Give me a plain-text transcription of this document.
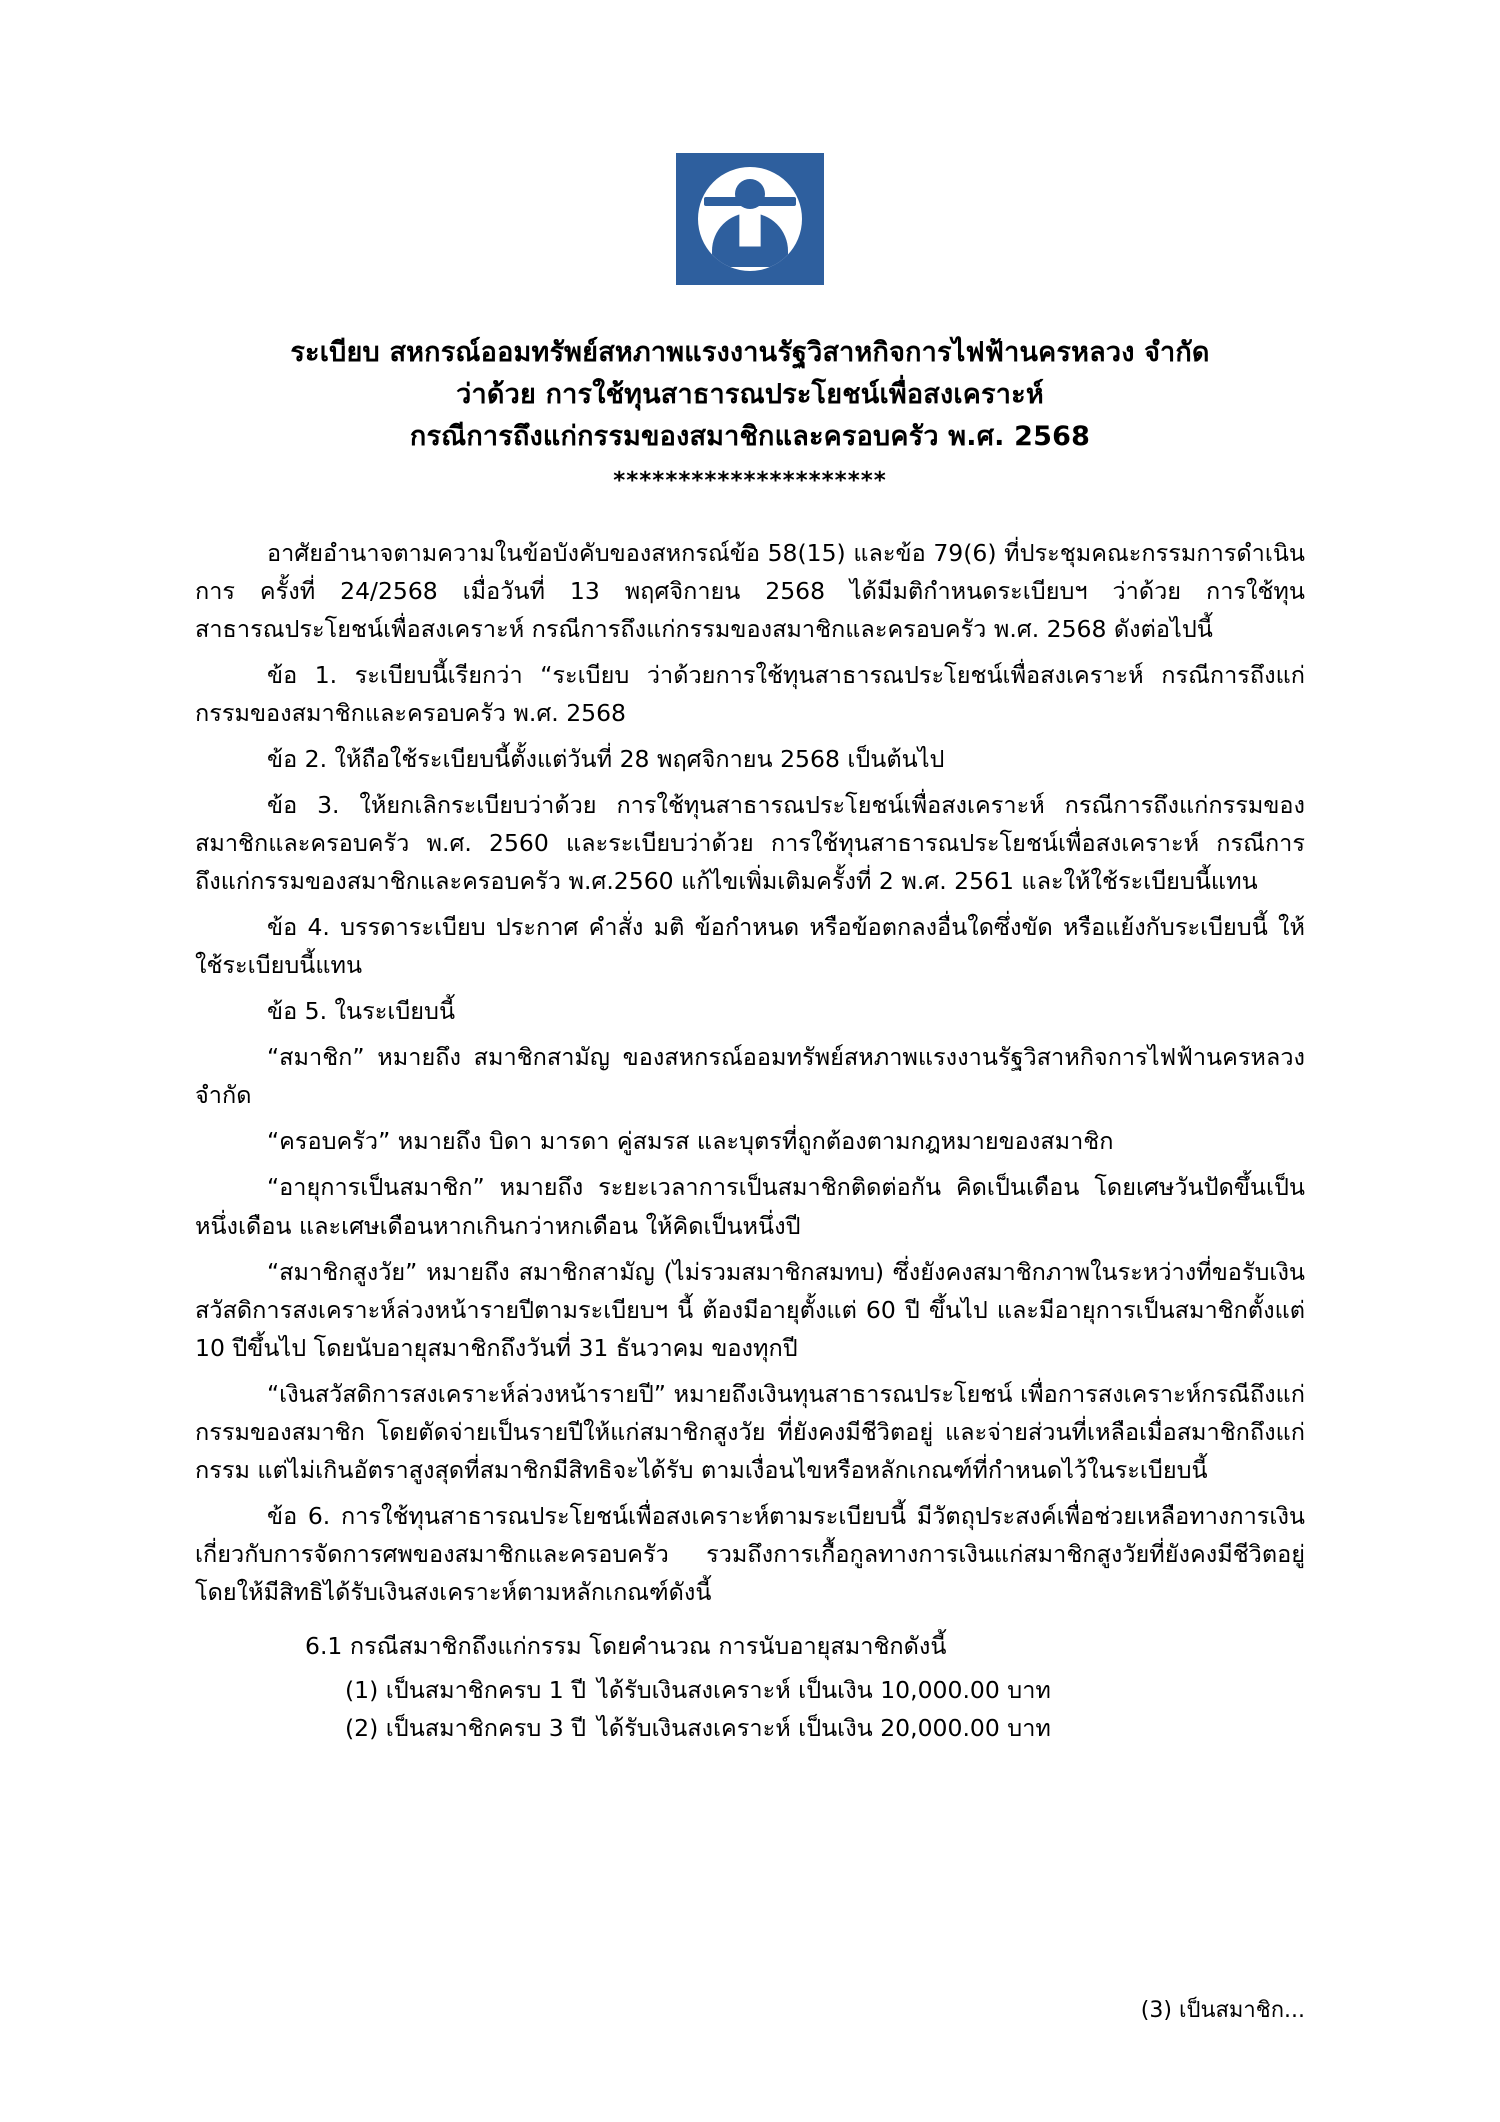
ระเบียบ สหกรณ์ออมทรัพย์สหภาพแรงงานรัฐวิสาหกิจการไฟฟ้านครหลวง จำกัด
ว่าด้วย การใช้ทุนสาธารณประโยชน์เพื่อสงเคราะห์
กรณีการถึงแก่กรรมของสมาชิกและครอบครัว พ.ศ. 2568
*********************

อาศัยอำนาจตามความในข้อบังคับของสหกรณ์ข้อ 58(15) และข้อ 79(6) ที่ประชุมคณะกรรมการดำเนินการ ครั้งที่ 24/2568 เมื่อวันที่ 13 พฤศจิกายน 2568 ได้มีมติกำหนดระเบียบฯ ว่าด้วย การใช้ทุนสาธารณประโยชน์เพื่อสงเคราะห์ กรณีการถึงแก่กรรมของสมาชิกและครอบครัว พ.ศ. 2568 ดังต่อไปนี้

ข้อ 1. ระเบียบนี้เรียกว่า “ระเบียบ ว่าด้วยการใช้ทุนสาธารณประโยชน์เพื่อสงเคราะห์ กรณีการถึงแก่กรรมของสมาชิกและครอบครัว พ.ศ. 2568

ข้อ 2. ให้ถือใช้ระเบียบนี้ตั้งแต่วันที่ 28 พฤศจิกายน 2568 เป็นต้นไป

ข้อ 3. ให้ยกเลิกระเบียบว่าด้วย การใช้ทุนสาธารณประโยชน์เพื่อสงเคราะห์ กรณีการถึงแก่กรรมของสมาชิกและครอบครัว พ.ศ. 2560 และระเบียบว่าด้วย การใช้ทุนสาธารณประโยชน์เพื่อสงเคราะห์ กรณีการถึงแก่กรรมของสมาชิกและครอบครัว พ.ศ.2560 แก้ไขเพิ่มเติมครั้งที่ 2 พ.ศ. 2561 และให้ใช้ระเบียบนี้แทน

ข้อ 4. บรรดาระเบียบ ประกาศ คำสั่ง มติ ข้อกำหนด หรือข้อตกลงอื่นใดซึ่งขัด หรือแย้งกับระเบียบนี้ ให้ใช้ระเบียบนี้แทน

ข้อ 5. ในระเบียบนี้

“สมาชิก” หมายถึง สมาชิกสามัญ ของสหกรณ์ออมทรัพย์สหภาพแรงงานรัฐวิสาหกิจการไฟฟ้านครหลวง จำกัด

“ครอบครัว” หมายถึง บิดา มารดา คู่สมรส และบุตรที่ถูกต้องตามกฎหมายของสมาชิก

“อายุการเป็นสมาชิก” หมายถึง ระยะเวลาการเป็นสมาชิกติดต่อกัน คิดเป็นเดือน โดยเศษวันปัดขึ้นเป็นหนึ่งเดือน และเศษเดือนหากเกินกว่าหกเดือน ให้คิดเป็นหนึ่งปี

“สมาชิกสูงวัย” หมายถึง สมาชิกสามัญ (ไม่รวมสมาชิกสมทบ) ซึ่งยังคงสมาชิกภาพในระหว่างที่ขอรับเงินสวัสดิการสงเคราะห์ล่วงหน้ารายปีตามระเบียบฯ นี้ ต้องมีอายุตั้งแต่ 60 ปี ขึ้นไป และมีอายุการเป็นสมาชิกตั้งแต่ 10 ปีขึ้นไป โดยนับอายุสมาชิกถึงวันที่ 31 ธันวาคม ของทุกปี

“เงินสวัสดิการสงเคราะห์ล่วงหน้ารายปี” หมายถึงเงินทุนสาธารณประโยชน์ เพื่อการสงเคราะห์กรณีถึงแก่กรรมของสมาชิก โดยตัดจ่ายเป็นรายปีให้แก่สมาชิกสูงวัย ที่ยังคงมีชีวิตอยู่ และจ่ายส่วนที่เหลือเมื่อสมาชิกถึงแก่กรรม แต่ไม่เกินอัตราสูงสุดที่สมาชิกมีสิทธิจะได้รับ ตามเงื่อนไขหรือหลักเกณฑ์ที่กำหนดไว้ในระเบียบนี้

ข้อ 6. การใช้ทุนสาธารณประโยชน์เพื่อสงเคราะห์ตามระเบียบนี้ มีวัตถุประสงค์เพื่อช่วยเหลือทางการเงินเกี่ยวกับการจัดการศพของสมาชิกและครอบครัว รวมถึงการเกื้อกูลทางการเงินแก่สมาชิกสูงวัยที่ยังคงมีชีวิตอยู่ โดยให้มีสิทธิได้รับเงินสงเคราะห์ตามหลักเกณฑ์ดังนี้

6.1 กรณีสมาชิกถึงแก่กรรม โดยคำนวณ การนับอายุสมาชิกดังนี้

(1) เป็นสมาชิกครบ 1 ปี ได้รับเงินสงเคราะห์ เป็นเงิน 10,000.00 บาท
(2) เป็นสมาชิกครบ 3 ปี ได้รับเงินสงเคราะห์ เป็นเงิน 20,000.00 บาท
(3) เป็นสมาชิก...
